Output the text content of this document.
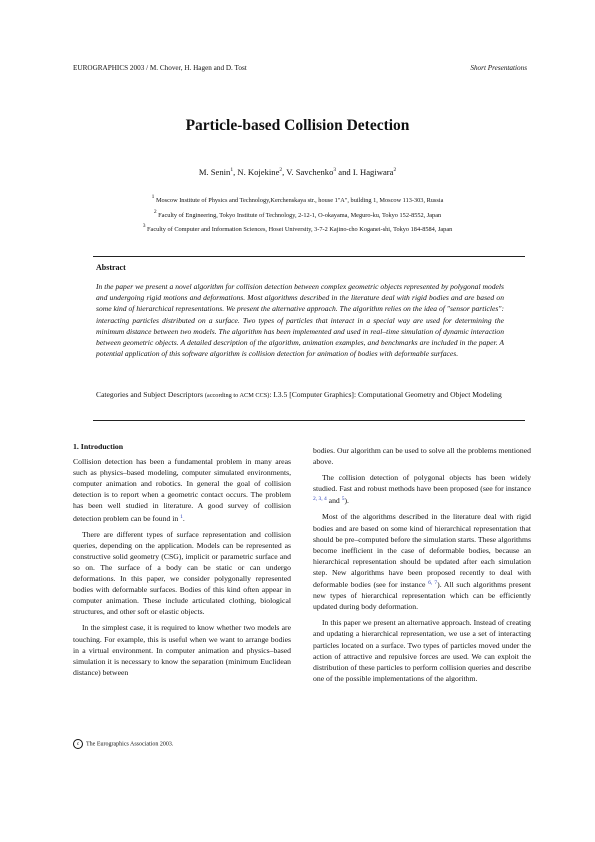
EUROGRAPHICS 2003 / M. Chover, H. Hagen and D. Tost	Short Presentations
Particle-based Collision Detection
M. Senin$^1$, N. Kojekine$^2$, V. Savchenko$^3$ and I. Hagiwara$^2$
$^1$ Moscow Institute of Physics and Technology,Kerchenskaya str., house 1"A", building 1, Moscow 113-303, Russia
$^2$ Faculty of Engineering, Tokyo Institute of Technology, 2-12-1, O-okayama, Meguro-ku, Tokyo 152-8552, Japan
$^3$ Faculty of Computer and Information Sciences, Hosei University, 3-7-2 Kajino-cho Koganei-shi, Tokyo 184-8584, Japan
Abstract
In the paper we present a novel algorithm for collision detection between complex geometric objects represented by polygonal models and undergoing rigid motions and deformations. Most algorithms described in the literature deal with rigid bodies and are based on some kind of hierarchical representations. We present the alternative approach. The algorithm relies on the idea of "sensor particles": interacting particles distributed on a surface. Two types of particles that interact in a special way are used for determining the minimum distance between two models. The algorithm has been implemented and used in real–time simulation of dynamic interaction between geometric objects. A detailed description of the algorithm, animation examples, and benchmarks are included in the paper. A potential application of this software algorithm is collision detection for animation of bodies with deformable surfaces.
Categories and Subject Descriptors (according to ACM CCS): I.3.5 [Computer Graphics]: Computational Geometry and Object Modeling
1. Introduction

Collision detection has been a fundamental problem in many areas such as physics–based modeling, computer simulated environments, computer animation and robotics. In general the goal of collision detection is to report when a geometric contact occurs. The problem has been well studied in literature. A good survey of collision detection problem can be found in $^1$.

There are different types of surface representation and collision queries, depending on the application. Models can be represented as constructive solid geometry (CSG), implicit or parametric surface and so on. The surface of a body can be static or can undergo deformations. In this paper, we consider polygonally represented bodies with deformable surfaces. Bodies of this kind often appear in computer animation. These include articulated clothing, biological structures, and other soft or elastic objects.

In the simplest case, it is required to know whether two models are touching. For example, this is useful when we want to arrange bodies in a virtual environment. In computer animation and physics–based simulation it is necessary to know the separation (minimum Euclidean distance) between

bodies. Our algorithm can be used to solve all the problems mentioned above.

The collision detection of polygonal objects has been widely studied. Fast and robust methods have been proposed (see for instance $^{2, 3, 4}$ and $^5$).

Most of the algorithms described in the literature deal with rigid bodies and are based on some kind of hierarchical representation that should be pre–computed before the simulation starts. These algorithms become inefficient in the case of deformable bodies, because an hierarchical representation should be updated after each simulation step. New algorithms have been proposed recently to deal with deformable bodies (see for instance $^{6, 7}$). All such algorithms present new types of hierarchical representation which can be efficiently updated during body deformation.

In this paper we present an alternative approach. Instead of creating and updating a hierarchical representation, we use a set of interacting particles located on a surface. Two types of particles moved under the action of attractive and repulsive forces are used. We can exploit the distribution of these particles to perform collision queries and describe one of the possible implementations of the algorithm.

c The Eurographics Association 2003.
